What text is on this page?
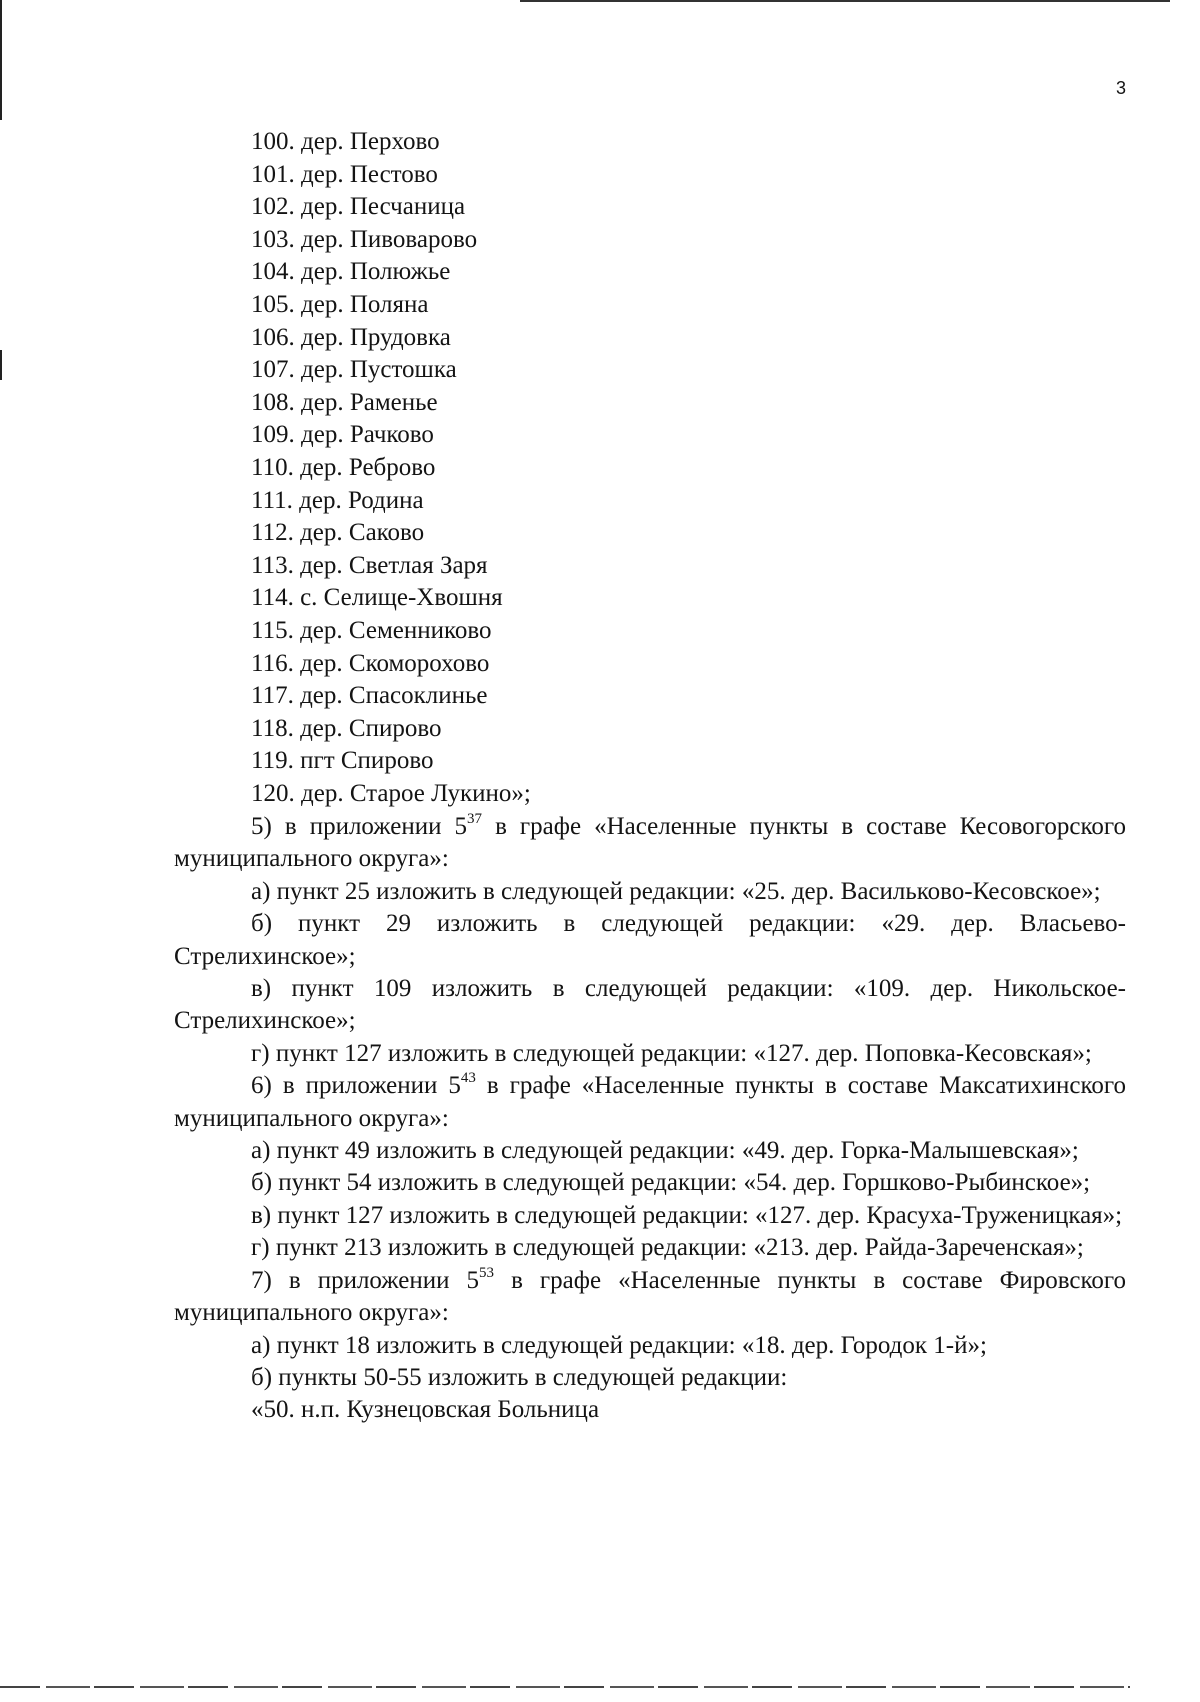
3
100. дер. Перхово
101. дер. Пестово
102. дер. Песчаница
103. дер. Пивоварово
104. дер. Полюжье
105. дер. Поляна
106. дер. Прудовка
107. дер. Пустошка
108. дер. Раменье
109. дер. Рачково
110. дер. Реброво
111. дер. Родина
112. дер. Саково
113. дер. Светлая Заря
114. с. Селище-Хвошня
115. дер. Семенниково
116. дер. Скоморохово
117. дер. Спасоклинье
118. дер. Спирово
119. пгт Спирово
120. дер. Старое Лукино»;

5) в приложении $5^{37}$ в графе «Населенные пункты в составе Кесовогорского муниципального округа»:

а) пункт 25 изложить в следующей редакции: «25. дер. Васильково-Кесовское»;

б) пункт 29 изложить в следующей редакции: «29. дер. Власьево-Стрелихинское»;

в) пункт 109 изложить в следующей редакции: «109. дер. Никольское-Стрелихинское»;

г) пункт 127 изложить в следующей редакции: «127. дер. Поповка-Кесовская»;

6) в приложении $5^{43}$ в графе «Населенные пункты в составе Максатихинского муниципального округа»:

а) пункт 49 изложить в следующей редакции: «49. дер. Горка-Малышевская»;

б) пункт 54 изложить в следующей редакции: «54. дер. Горшково-Рыбинское»;

в) пункт 127 изложить в следующей редакции: «127. дер. Красуха-Труженицкая»;

г) пункт 213 изложить в следующей редакции: «213. дер. Райда-Зареченская»;

7) в приложении $5^{53}$ в графе «Населенные пункты в составе Фировского муниципального округа»:

а) пункт 18 изложить в следующей редакции: «18. дер. Городок 1-й»;

б) пункты 50-55 изложить в следующей редакции:

«50. н.п. Кузнецовская Больница
